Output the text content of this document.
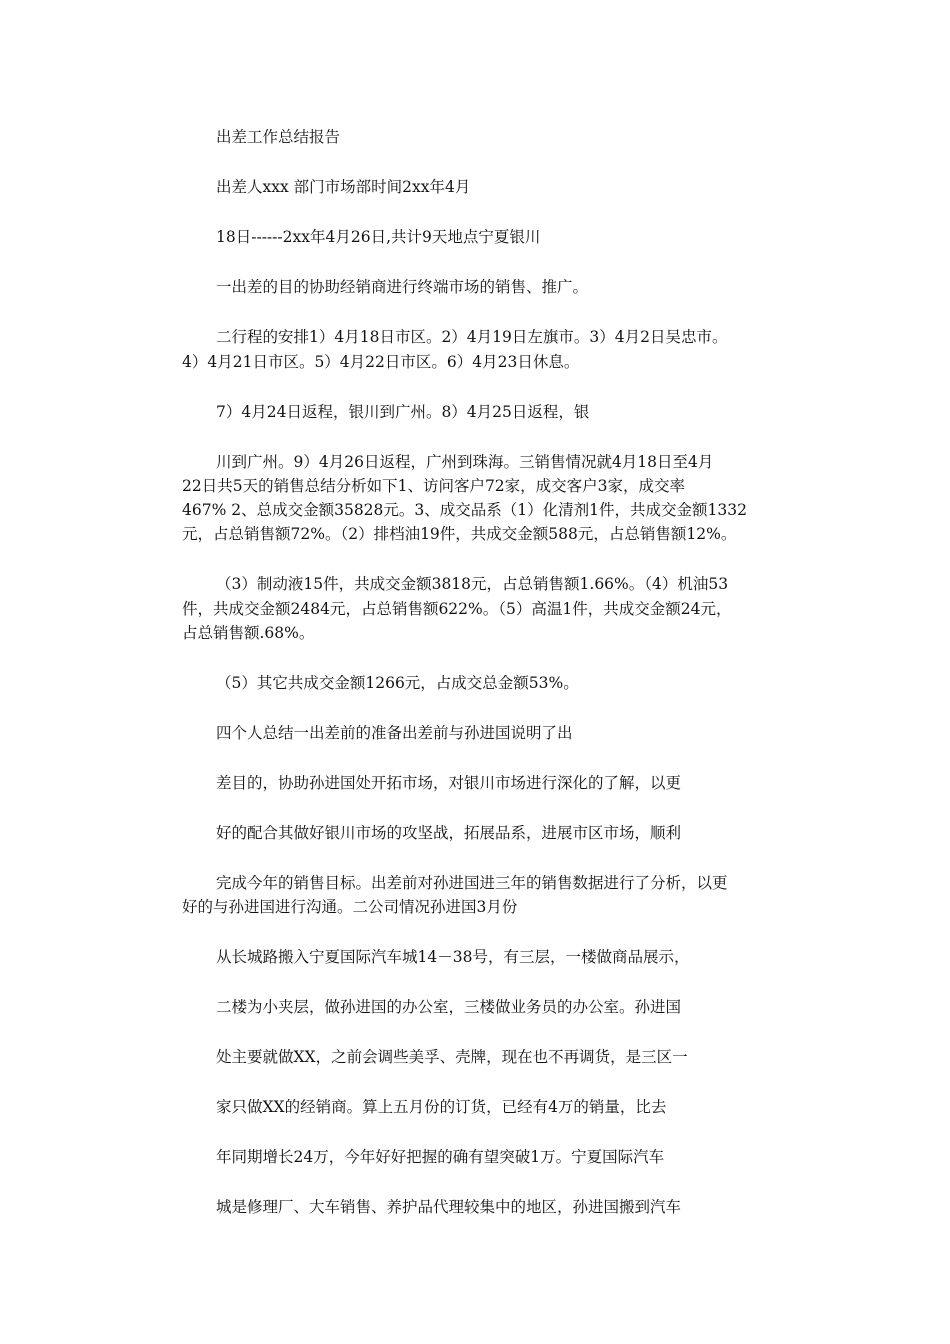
出差工作总结报告
出差人xxx 部门市场部时间2xx年4月
18日------2xx年4月26日,共计9天地点宁夏银川
一出差的目的协助经销商进行终端市场的销售、推广。
二行程的安排1）4月18日市区。2）4月19日左旗市。3）4月2日吴忠市。
4）4月21日市区。5）4月22日市区。6）4月23日休息。
7）4月24日返程，银川到广州。8）4月25日返程，银
川到广州。9）4月26日返程，广州到珠海。三销售情况就4月18日至4月
22日共5天的销售总结分析如下1、访问客户72家，成交客户3家，成交率
467% 2、总成交金额35828元。3、成交品系（1）化清剂1件，共成交金额1332
元，占总销售额72%。（2）排档油19件，共成交金额588元，占总销售额12%。
（3）制动液15件，共成交金额3818元，占总销售额1.66%。（4）机油53
件，共成交金额2484元，占总销售额622%。（5）高温1件，共成交金额24元，
占总销售额.68%。
（5）其它共成交金额1266元，占成交总金额53%。
四个人总结一出差前的准备出差前与孙进国说明了出
差目的，协助孙进国处开拓市场，对银川市场进行深化的了解，以更
好的配合其做好银川市场的攻坚战，拓展品系，进展市区市场，顺利
完成今年的销售目标。出差前对孙进国进三年的销售数据进行了分析，以更
好的与孙进国进行沟通。二公司情况孙进国3月份
从长城路搬入宁夏国际汽车城14－38号，有三层，一楼做商品展示，
二楼为小夹层，做孙进国的办公室，三楼做业务员的办公室。孙进国
处主要就做XX，之前会调些美孚、壳牌，现在也不再调货，是三区一
家只做XX的经销商。算上五月份的订货，已经有4万的销量，比去
年同期增长24万，今年好好把握的确有望突破1万。宁夏国际汽车
城是修理厂、大车销售、养护品代理较集中的地区，孙进国搬到汽车
